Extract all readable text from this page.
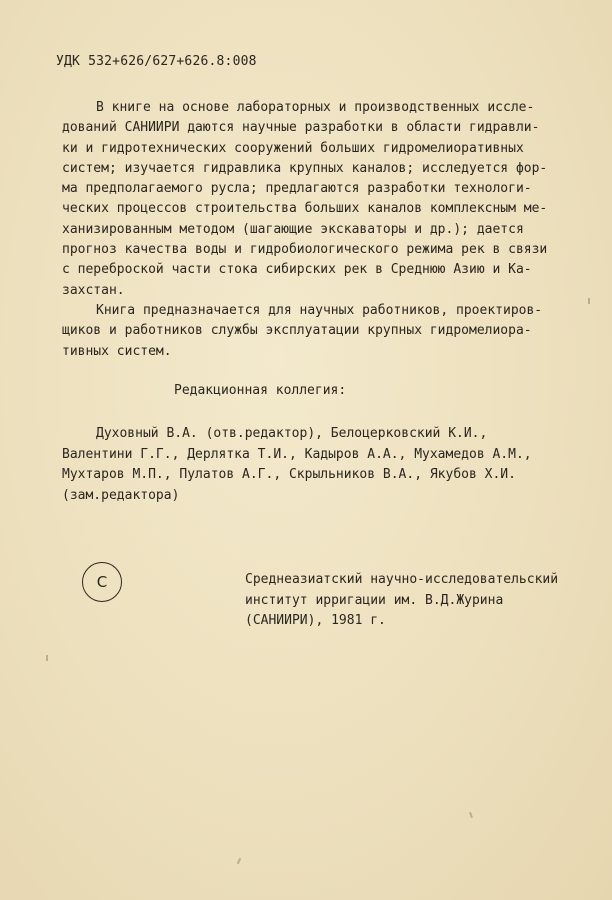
УДК 532+626/627+626.8:008
В книге на основе лабораторных и производственных иссле-
дований САНИИРИ даются научные разработки в области гидравли-
ки и гидротехнических сооружений больших гидромелиоративных
систем; изучается гидравлика крупных каналов; исследуется фор-
ма предполагаемого русла; предлагаются разработки технологи-
ческих процессов строительства больших каналов комплексным ме-
ханизированным методом (шагающие экскаваторы и др.); дается
прогноз качества воды и гидробиологического режима рек в связи
с переброской части стока сибирских рек в Среднюю Азию и Ка-
захстан.
Книга предназначается для научных работников, проектиров-
щиков и работников службы эксплуатации крупных гидромелиора-
тивных систем.
Редакционная коллегия:
Духовный В.А. (отв.редактор), Белоцерковский К.И.,
Валентини Г.Г., Дерлятка Т.И., Кадыров А.А., Мухамедов А.М.,
Мухтаров М.П., Пулатов А.Г., Скрыльников В.А., Якубов Х.И.
(зам.редактора)
С	Среднеазиатский научно-исследовательский
институт ирригации им. В.Д.Журина
(САНИИРИ), 1981 г.
